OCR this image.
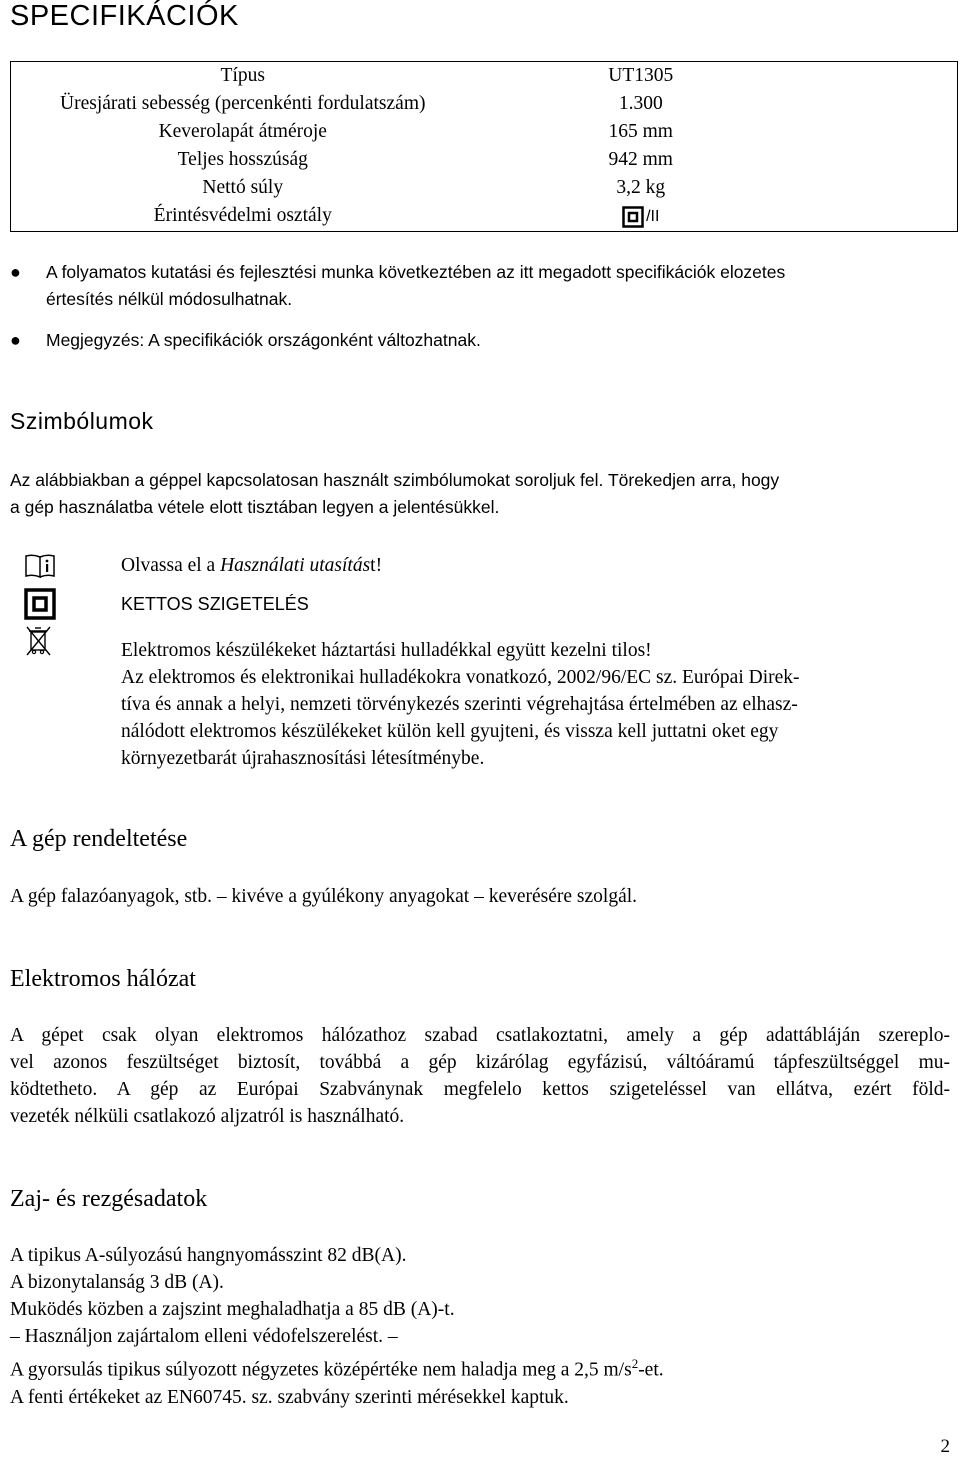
SPECIFIKÁCIÓK
Típus	UT1305
Üresjárati sebesség (percenkénti fordulatszám)	1.300
Keverolapát átméroje	165 mm
Teljes hosszúság	942 mm
Nettó súly	3,2 kg
Érintésvédelmi osztály	/II
● A folyamatos kutatási és fejlesztési munka következtében az itt megadott specifikációk elozetes
értesítés nélkül módosulhatnak.
● Megjegyzés: A specifikációk országonként változhatnak.
Szimbólumok
Az alábbiakban a géppel kapcsolatosan használt szimbólumokat soroljuk fel. Törekedjen arra, hogy
a gép használatba vétele elott tisztában legyen a jelentésükkel.
Olvassa el a Használati utasítást!
KETTOS SZIGETELÉS
Elektromos készülékeket háztartási hulladékkal együtt kezelni tilos!
Az elektromos és elektronikai hulladékokra vonatkozó, 2002/96/EC sz. Európai Direk-
tíva és annak a helyi, nemzeti törvénykezés szerinti végrehajtása értelmében az elhasz-
nálódott elektromos készülékeket külön kell gyujteni, és vissza kell juttatni oket egy
környezetbarát újrahasznosítási létesítménybe.
A gép rendeltetése
A gép falazóanyagok, stb. – kivéve a gyúlékony anyagokat – keverésére szolgál.
Elektromos hálózat
A gépet csak olyan elektromos hálózathoz szabad csatlakoztatni, amely a gép adattábláján szereplo-
vel azonos feszültséget biztosít, továbbá a gép kizárólag egyfázisú, váltóáramú tápfeszültséggel mu-
ködtetheto. A gép az Európai Szabványnak megfelelo kettos szigeteléssel van ellátva, ezért föld-
vezeték nélküli csatlakozó aljzatról is használható.
Zaj- és rezgésadatok
A tipikus A-súlyozású hangnyomásszint 82 dB(A).
A bizonytalanság 3 dB (A).
Muködés közben a zajszint meghaladhatja a 85 dB (A)-t.
– Használjon zajártalom elleni védofelszerelést. –
A gyorsulás tipikus súlyozott négyzetes középértéke nem haladja meg a 2,5 $m/s^2-et$.
A fenti értékeket az EN60745. sz. szabvány szerinti mérésekkel kaptuk.
2
